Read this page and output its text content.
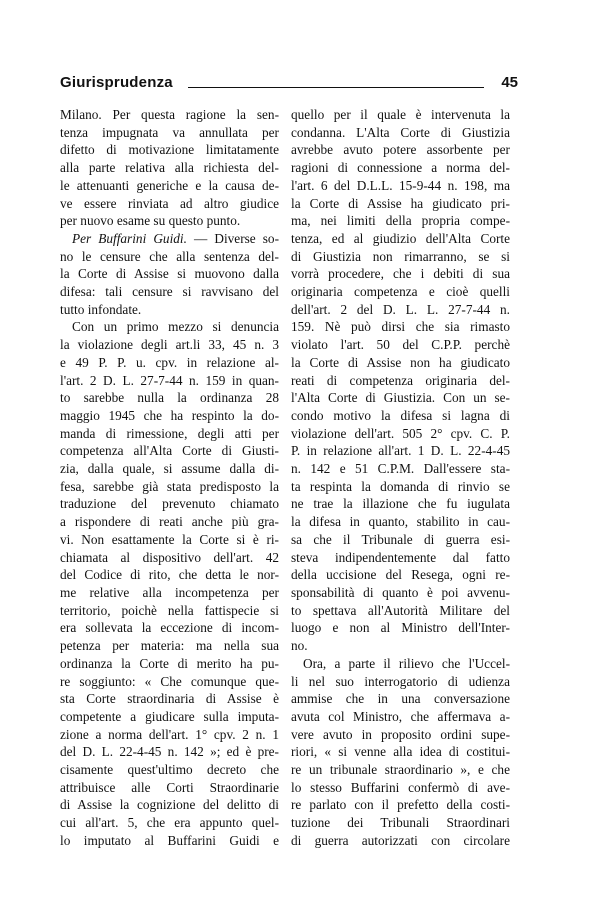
Giurisprudenza	45
Milano. Per questa ragione la sen-
tenza impugnata va annullata per
difetto di motivazione limitatamente
alla parte relativa alla richiesta del-
le attenuanti generiche e la causa de-
ve essere rinviata ad altro giudice
per nuovo esame su questo punto.
Per Buffarini Guidi. — Diverse so-
no le censure che alla sentenza del-
la Corte di Assise si muovono dalla
difesa: tali censure si ravvisano del
tutto infondate.
Con un primo mezzo si denuncia
la violazione degli art.li 33, 45 n. 3
e 49 P. P. u. cpv. in relazione al-
l'art. 2 D. L. 27-7-44 n. 159 in quan-
to sarebbe nulla la ordinanza 28
maggio 1945 che ha respinto la do-
manda di rimessione, degli atti per
competenza all'Alta Corte di Giusti-
zia, dalla quale, si assume dalla di-
fesa, sarebbe già stata predisposto la
traduzione del prevenuto chiamato
a rispondere di reati anche più gra-
vi. Non esattamente la Corte si è ri-
chiamata al dispositivo dell'art. 42
del Codice di rito, che detta le nor-
me relative alla incompetenza per
territorio, poichè nella fattispecie si
era sollevata la eccezione di incom-
petenza per materia: ma nella sua
ordinanza la Corte di merito ha pu-
re soggiunto: « Che comunque que-
sta Corte straordinaria di Assise è
competente a giudicare sulla imputa-
zione a norma dell'art. 1° cpv. 2 n. 1
del D. L. 22-4-45 n. 142 »; ed è pre-
cisamente quest'ultimo decreto che
attribuisce alle Corti Straordinarie
di Assise la cognizione del delitto di
cui all'art. 5, che era appunto quel-
lo imputato al Buffarini Guidi e
quello per il quale è intervenuta la
condanna. L'Alta Corte di Giustizia
avrebbe avuto potere assorbente per
ragioni di connessione a norma del-
l'art. 6 del D.L.L. 15-9-44 n. 198, ma
la Corte di Assise ha giudicato pri-
ma, nei limiti della propria compe-
tenza, ed al giudizio dell'Alta Corte
di Giustizia non rimarranno, se si
vorrà procedere, che i debiti di sua
originaria competenza e cioè quelli
dell'art. 2 del D. L. L. 27-7-44 n.
159. Nè può dirsi che sia rimasto
violato l'art. 50 del C.P.P. perchè
la Corte di Assise non ha giudicato
reati di competenza originaria del-
l'Alta Corte di Giustizia. Con un se-
condo motivo la difesa si lagna di
violazione dell'art. 505 2° cpv. C. P.
P. in relazione all'art. 1 D. L. 22-4-45
n. 142 e 51 C.P.M. Dall'essere sta-
ta respinta la domanda di rinvio se
ne trae la illazione che fu iugulata
la difesa in quanto, stabilito in cau-
sa che il Tribunale di guerra esi-
steva indipendentemente dal fatto
della uccisione del Resega, ogni re-
sponsabilità di quanto è poi avvenu-
to spettava all'Autorità Militare del
luogo e non al Ministro dell'Inter-
no.
Ora, a parte il rilievo che l'Uccel-
li nel suo interrogatorio di udienza
ammise che in una conversazione
avuta col Ministro, che affermava a-
vere avuto in proposito ordini supe-
riori, « si venne alla idea di costitui-
re un tribunale straordinario », e che
lo stesso Buffarini confermò di ave-
re parlato con il prefetto della costi-
tuzione dei Tribunali Straordinari
di guerra autorizzati con circolare
